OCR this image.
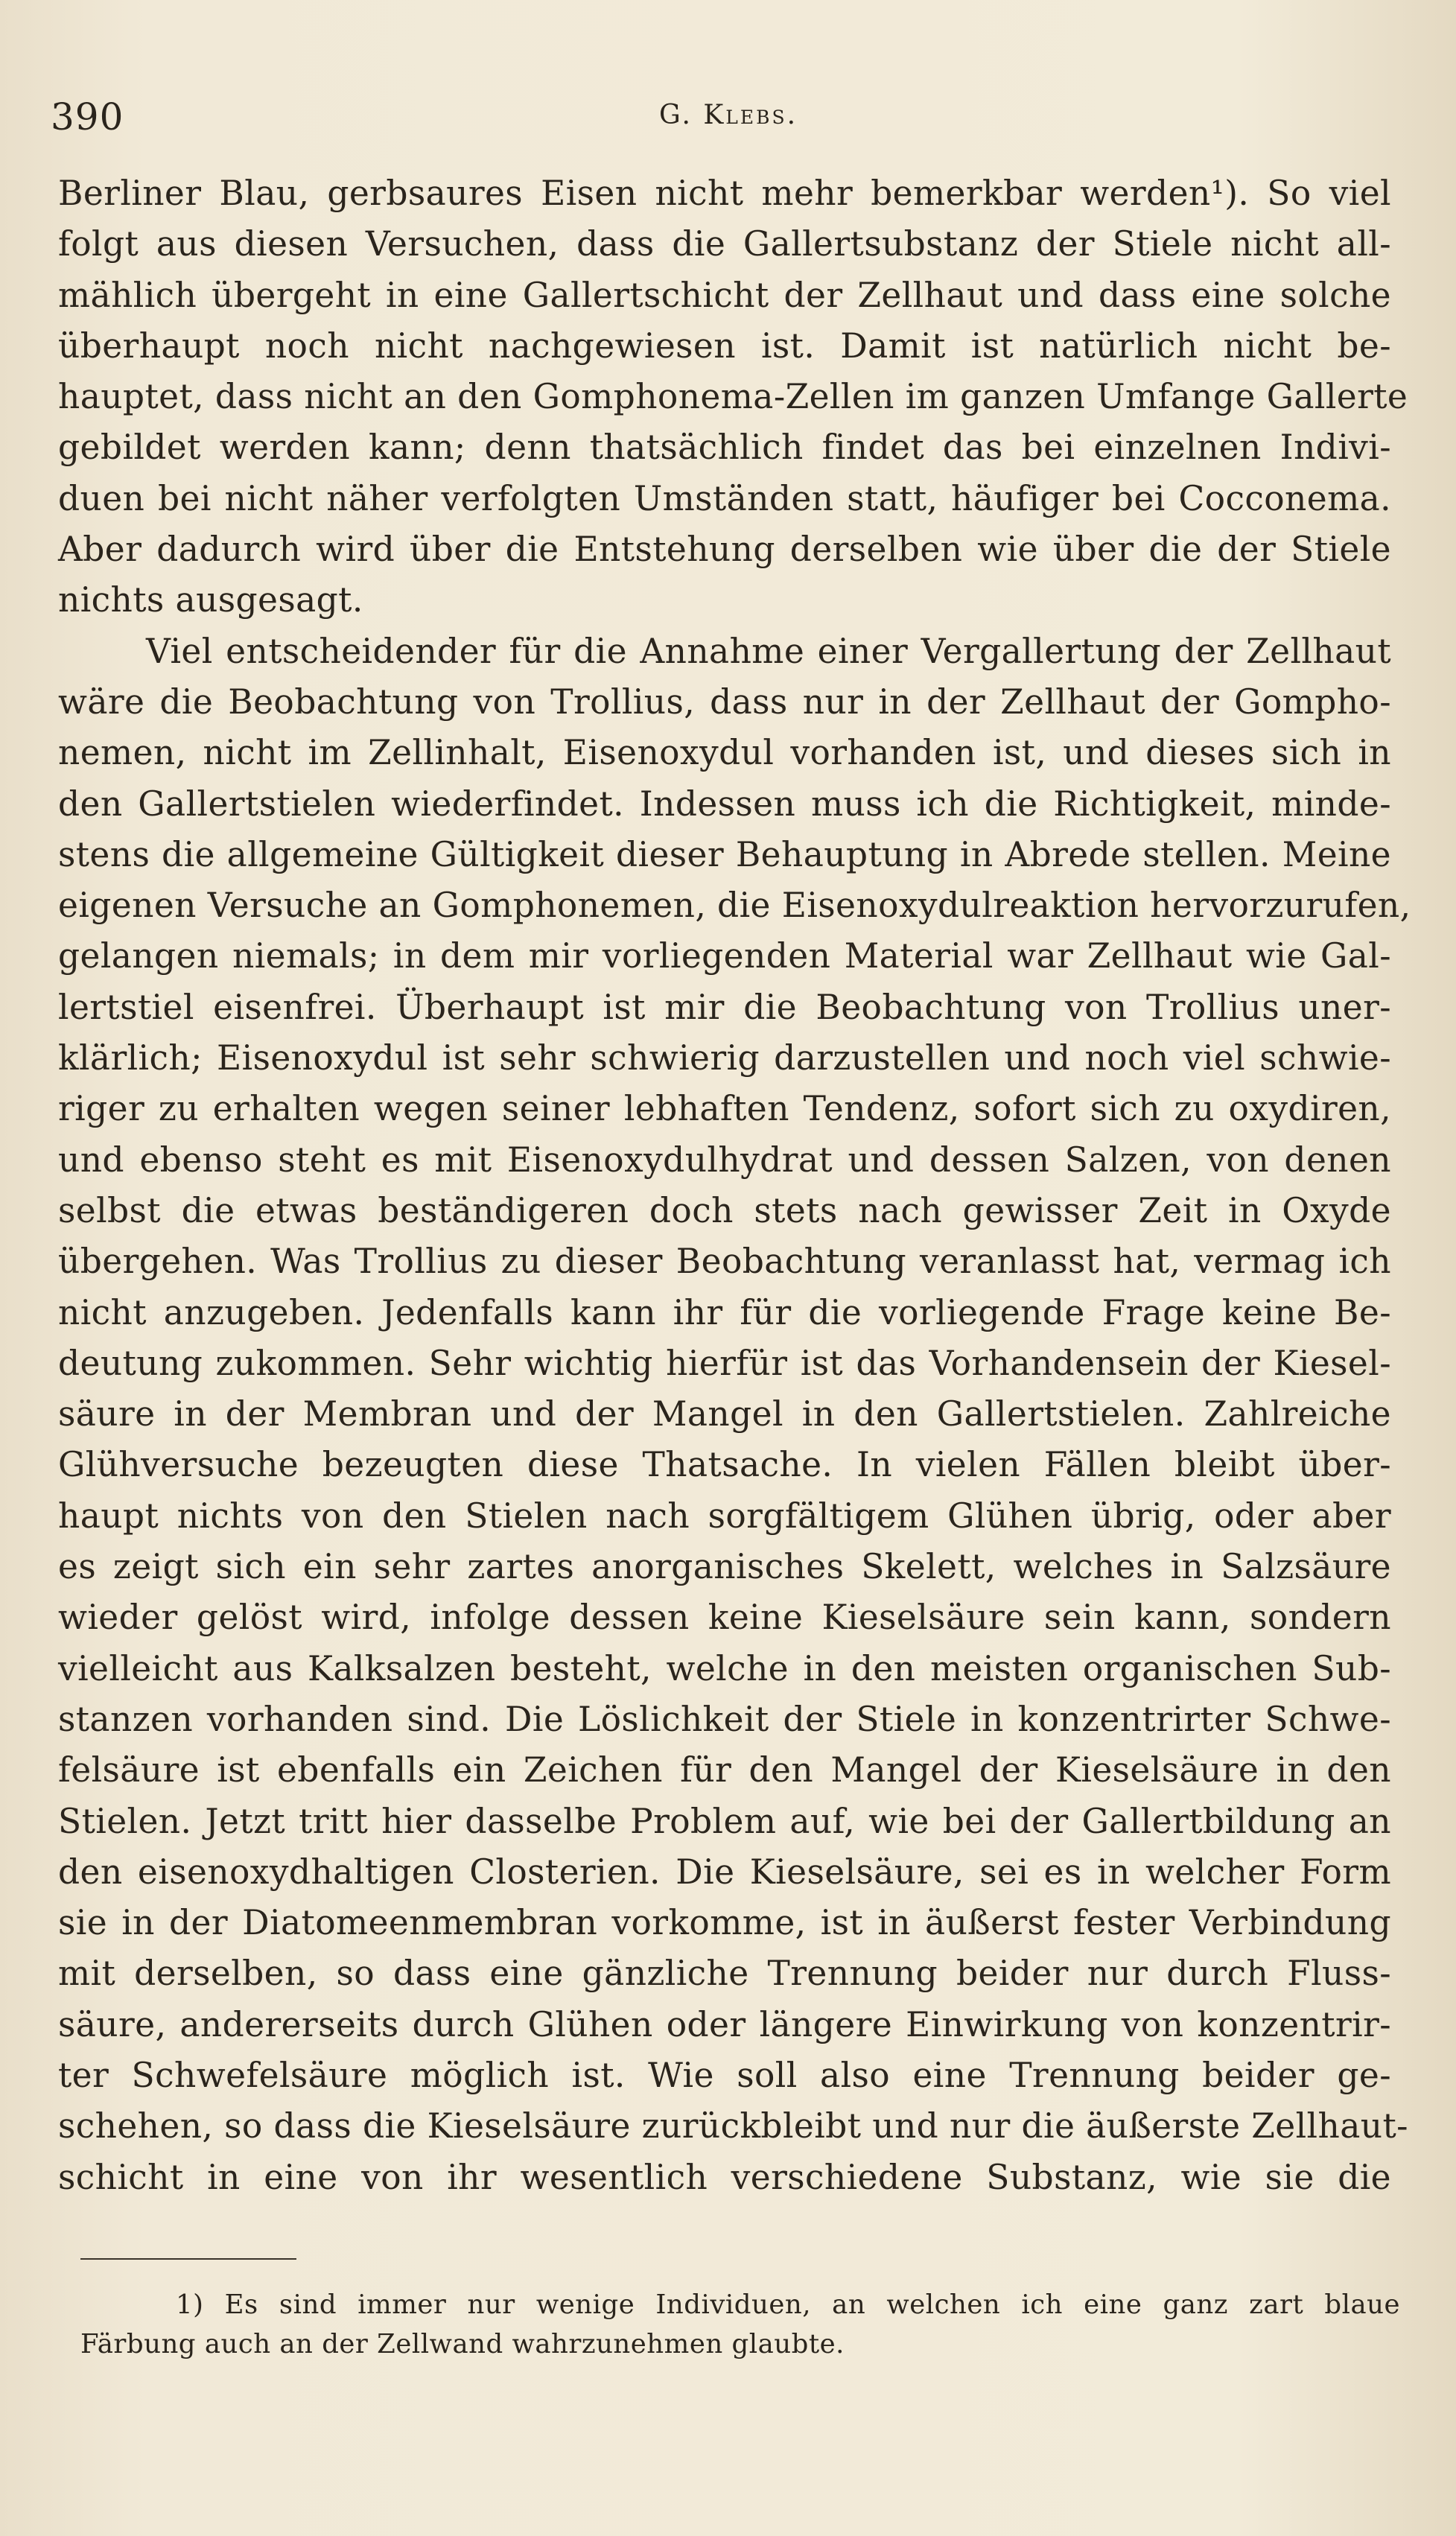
390	G. Klebs.
Berliner Blau, gerbsaures Eisen nicht mehr bemerkbar werden¹). So viel
folgt aus diesen Versuchen, dass die Gallertsubstanz der Stiele nicht all-
mählich übergeht in eine Gallertschicht der Zellhaut und dass eine solche
überhaupt noch nicht nachgewiesen ist. Damit ist natürlich nicht be-
hauptet, dass nicht an den Gomphonema-Zellen im ganzen Umfange Gallerte
gebildet werden kann; denn thatsächlich findet das bei einzelnen Indivi-
duen bei nicht näher verfolgten Umständen statt, häufiger bei Cocconema.
Aber dadurch wird über die Entstehung derselben wie über die der Stiele
nichts ausgesagt.
Viel entscheidender für die Annahme einer Vergallertung der Zellhaut
wäre die Beobachtung von Trollius, dass nur in der Zellhaut der Gompho-
nemen, nicht im Zellinhalt, Eisenoxydul vorhanden ist, und dieses sich in
den Gallertstielen wiederfindet. Indessen muss ich die Richtigkeit, minde-
stens die allgemeine Gültigkeit dieser Behauptung in Abrede stellen. Meine
eigenen Versuche an Gomphonemen, die Eisenoxydulreaktion hervorzurufen,
gelangen niemals; in dem mir vorliegenden Material war Zellhaut wie Gal-
lertstiel eisenfrei. Überhaupt ist mir die Beobachtung von Trollius uner-
klärlich; Eisenoxydul ist sehr schwierig darzustellen und noch viel schwie-
riger zu erhalten wegen seiner lebhaften Tendenz, sofort sich zu oxydiren,
und ebenso steht es mit Eisenoxydulhydrat und dessen Salzen, von denen
selbst die etwas beständigeren doch stets nach gewisser Zeit in Oxyde
übergehen. Was Trollius zu dieser Beobachtung veranlasst hat, vermag ich
nicht anzugeben. Jedenfalls kann ihr für die vorliegende Frage keine Be-
deutung zukommen. Sehr wichtig hierfür ist das Vorhandensein der Kiesel-
säure in der Membran und der Mangel in den Gallertstielen. Zahlreiche
Glühversuche bezeugten diese Thatsache. In vielen Fällen bleibt über-
haupt nichts von den Stielen nach sorgfältigem Glühen übrig, oder aber
es zeigt sich ein sehr zartes anorganisches Skelett, welches in Salzsäure
wieder gelöst wird, infolge dessen keine Kieselsäure sein kann, sondern
vielleicht aus Kalksalzen besteht, welche in den meisten organischen Sub-
stanzen vorhanden sind. Die Löslichkeit der Stiele in konzentrirter Schwe-
felsäure ist ebenfalls ein Zeichen für den Mangel der Kieselsäure in den
Stielen. Jetzt tritt hier dasselbe Problem auf, wie bei der Gallertbildung an
den eisenoxydhaltigen Closterien. Die Kieselsäure, sei es in welcher Form
sie in der Diatomeenmembran vorkomme, ist in äußerst fester Verbindung
mit derselben, so dass eine gänzliche Trennung beider nur durch Fluss-
säure, andererseits durch Glühen oder längere Einwirkung von konzentrir-
ter Schwefelsäure möglich ist. Wie soll also eine Trennung beider ge-
schehen, so dass die Kieselsäure zurückbleibt und nur die äußerste Zellhaut-
schicht in eine von ihr wesentlich verschiedene Substanz, wie sie die
1) Es sind immer nur wenige Individuen, an welchen ich eine ganz zart blaue
Färbung auch an der Zellwand wahrzunehmen glaubte.
